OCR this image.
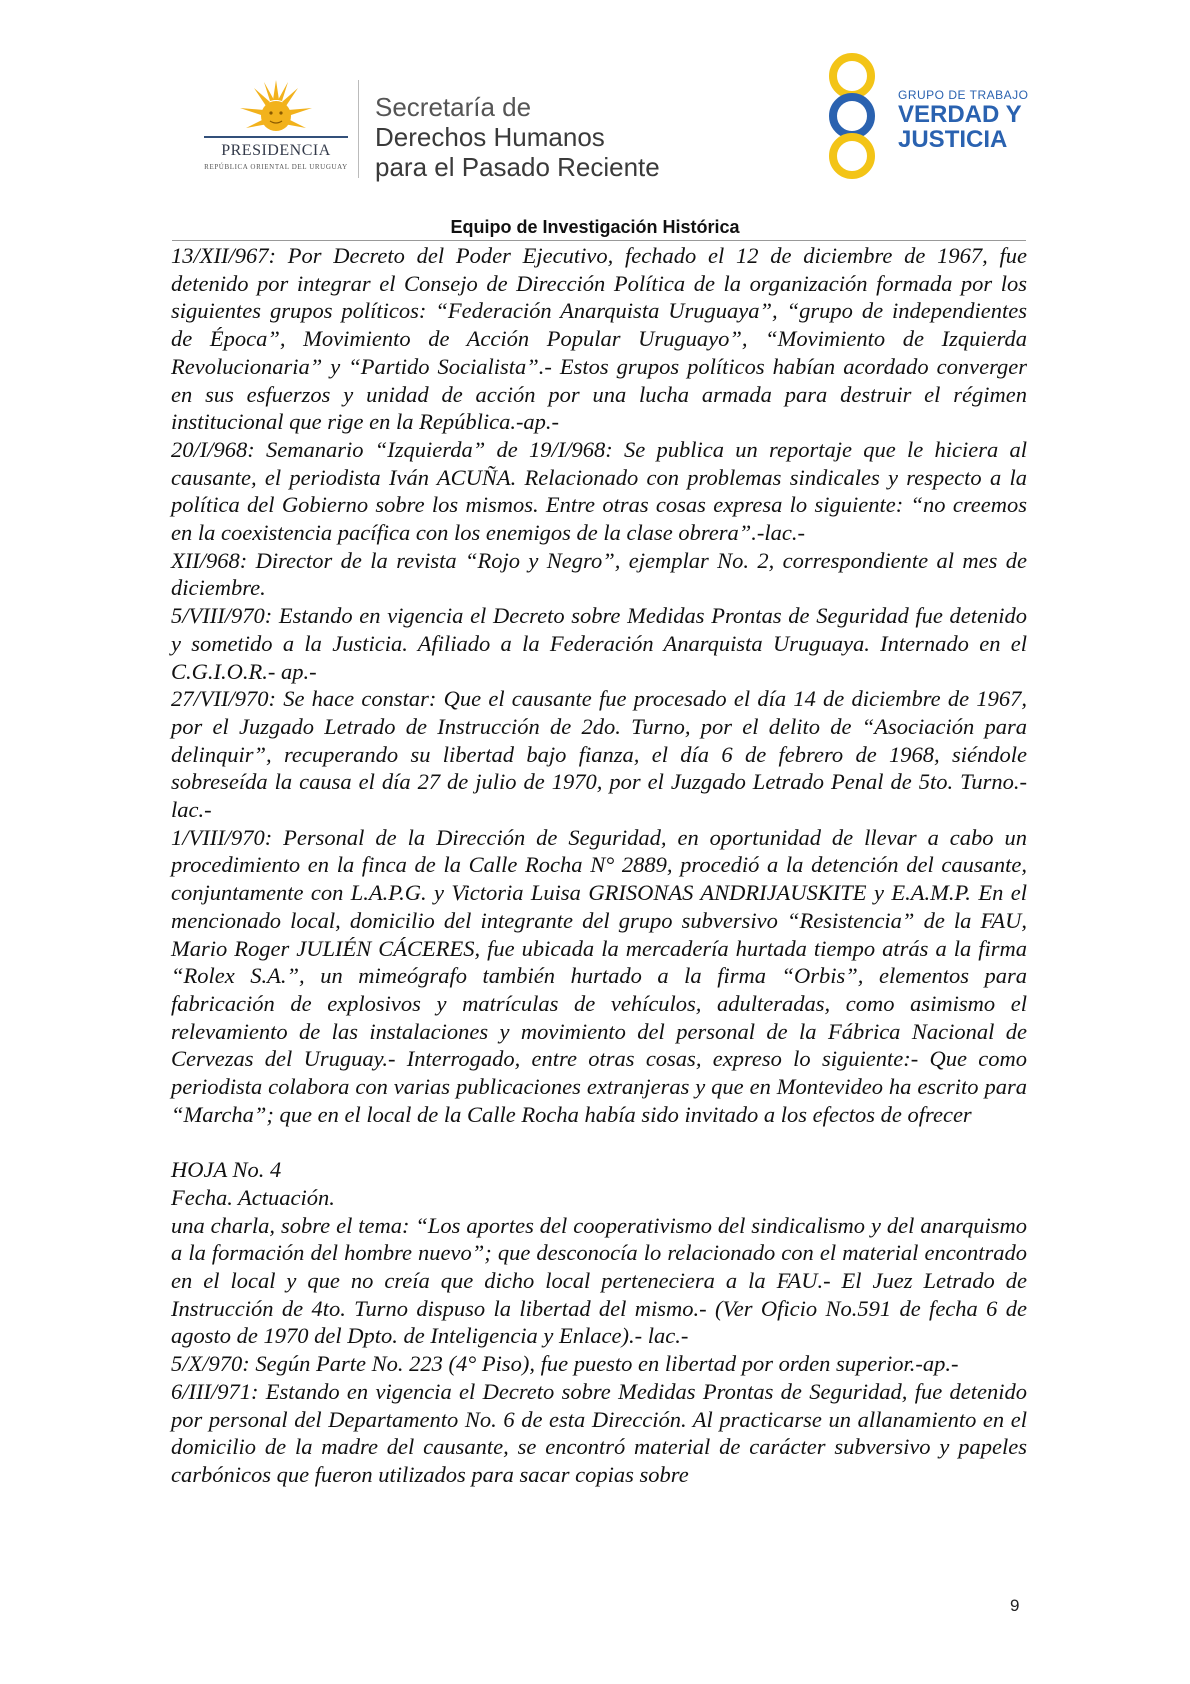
PRESIDENCIA
REPÚBLICA ORIENTAL DEL URUGUAY
Secretaría de
Derechos Humanos
para el Pasado Reciente
GRUPO DE TRABAJO
VERDAD Y
JUSTICIA
Equipo de Investigación Histórica

13/XII/967: Por Decreto del Poder Ejecutivo, fechado el 12 de diciembre de 1967, fue detenido por integrar el Consejo de Dirección Política de la organización formada por los siguientes grupos políticos: “Federación Anarquista Uruguaya”, “grupo de independientes de Época”, Movimiento de Acción Popular Uruguayo”, “Movimiento de Izquierda Revolucionaria” y “Partido Socialista”.- Estos grupos políticos habían acordado converger en sus esfuerzos y unidad de acción por una lucha armada para destruir el régimen institucional que rige en la República.-ap.-

20/I/968: Semanario “Izquierda” de 19/I/968: Se publica un reportaje que le hiciera al causante, el periodista Iván ACUÑA. Relacionado con problemas sindicales y respecto a la política del Gobierno sobre los mismos. Entre otras cosas expresa lo siguiente: “no creemos en la coexistencia pacífica con los enemigos de la clase obrera”.-lac.-

XII/968: Director de la revista “Rojo y Negro”, ejemplar No. 2, correspondiente al mes de diciembre.

5/VIII/970: Estando en vigencia el Decreto sobre Medidas Prontas de Seguridad fue detenido y sometido a la Justicia. Afiliado a la Federación Anarquista Uruguaya. Internado en el C.G.I.O.R.- ap.-

27/VII/970: Se hace constar: Que el causante fue procesado el día 14 de diciembre de 1967, por el Juzgado Letrado de Instrucción de 2do. Turno, por el delito de “Asociación para delinquir”, recuperando su libertad bajo fianza, el día 6 de febrero de 1968, siéndole sobreseída la causa el día 27 de julio de 1970, por el Juzgado Letrado Penal de 5to. Turno.-lac.-

1/VIII/970: Personal de la Dirección de Seguridad, en oportunidad de llevar a cabo un procedimiento en la finca de la Calle Rocha N° 2889, procedió a la detención del causante, conjuntamente con L.A.P.G. y Victoria Luisa GRISONAS ANDRIJAUSKITE y E.A.M.P. En el mencionado local, domicilio del integrante del grupo subversivo “Resistencia” de la FAU, Mario Roger JULIÉN CÁCERES, fue ubicada la mercadería hurtada tiempo atrás a la firma “Rolex S.A.”, un mimeógrafo también hurtado a la firma “Orbis”, elementos para fabricación de explosivos y matrículas de vehículos, adulteradas, como asimismo el relevamiento de las instalaciones y movimiento del personal de la Fábrica Nacional de Cervezas del Uruguay.- Interrogado, entre otras cosas, expreso lo siguiente:- Que como periodista colabora con varias publicaciones extranjeras y que en Montevideo ha escrito para “Marcha”; que en el local de la Calle Rocha había sido invitado a los efectos de ofrecer

HOJA No. 4

Fecha. Actuación.

una charla, sobre el tema: “Los aportes del cooperativismo del sindicalismo y del anarquismo a la formación del hombre nuevo”; que desconocía lo relacionado con el material encontrado en el local y que no creía que dicho local perteneciera a la FAU.- El Juez Letrado de Instrucción de 4to. Turno dispuso la libertad del mismo.- (Ver Oficio No.591 de fecha 6 de agosto de 1970 del Dpto. de Inteligencia y Enlace).- lac.-

5/X/970: Según Parte No. 223 (4° Piso), fue puesto en libertad por orden superior.-ap.-

6/III/971: Estando en vigencia el Decreto sobre Medidas Prontas de Seguridad, fue detenido por personal del Departamento No. 6 de esta Dirección. Al practicarse un allanamiento en el domicilio de la madre del causante, se encontró material de carácter subversivo y papeles carbónicos que fueron utilizados para sacar copias sobre

9
